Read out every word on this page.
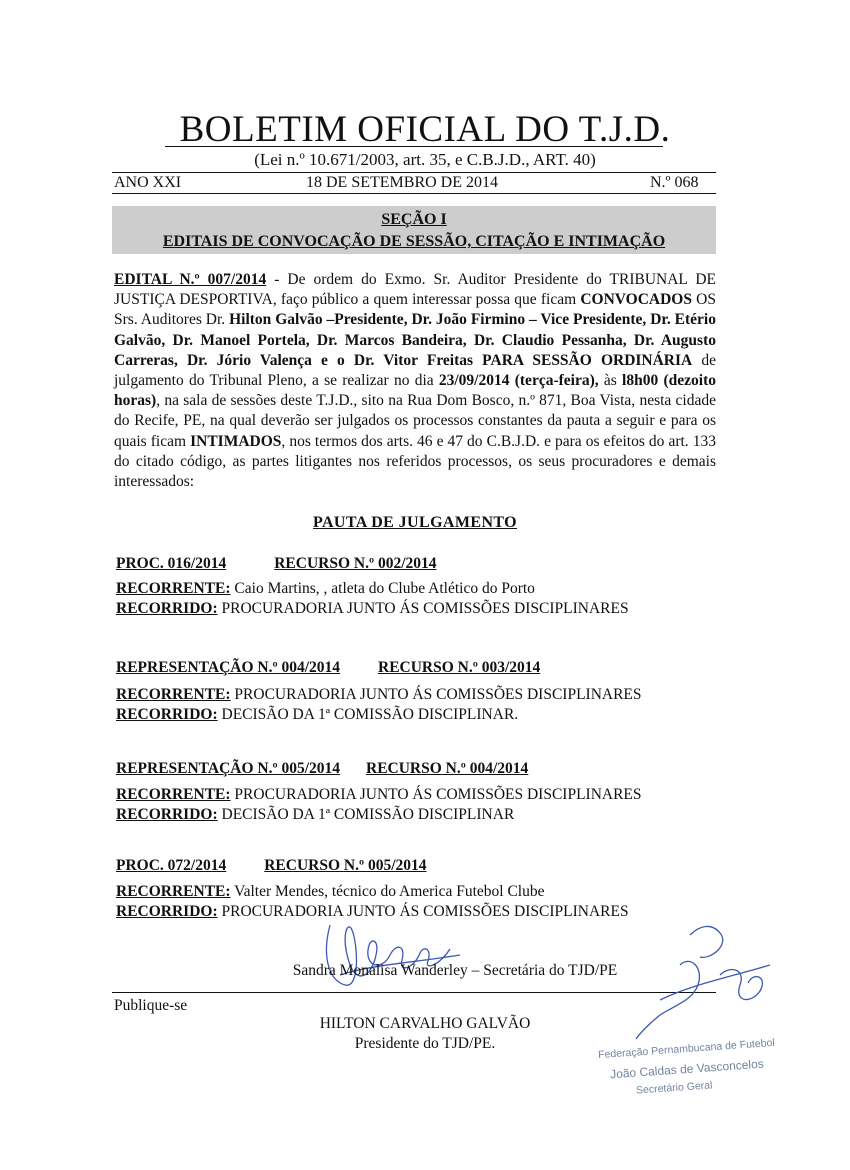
BOLETIM OFICIAL DO T.J.D.
(Lei n.º 10.671/2003, art. 35, e C.B.J.D., ART. 40)
ANO XXI	18 DE SETEMBRO DE 2014	N.º 068
SEÇÃO I
EDITAIS DE CONVOCAÇÃO DE SESSÃO, CITAÇÃO E INTIMAÇÃO
EDITAL N.º 007/2014 - De ordem do Exmo. Sr. Auditor Presidente do TRIBUNAL DE JUSTIÇA DESPORTIVA, faço público a quem interessar possa que ficam CONVOCADOS OS Srs. Auditores Dr. Hilton Galvão –Presidente, Dr. João Firmino – Vice Presidente, Dr. Etério Galvão, Dr. Manoel Portela, Dr. Marcos Bandeira, Dr. Claudio Pessanha, Dr. Augusto Carreras, Dr. Jório Valença e o Dr. Vitor Freitas PARA SESSÃO ORDINÁRIA de julgamento do Tribunal Pleno, a se realizar no dia 23/09/2014 (terça-feira), às l8h00 (dezoito horas), na sala de sessões deste T.J.D., sito na Rua Dom Bosco, n.º 871, Boa Vista, nesta cidade do Recife, PE, na qual deverão ser julgados os processos constantes da pauta a seguir e para os quais ficam INTIMADOS, nos termos dos arts. 46 e 47 do C.B.J.D. e para os efeitos do art. 133 do citado código, as partes litigantes nos referidos processos, os seus procuradores e demais interessados:
PAUTA DE JULGAMENTO
PROC. 016/2014	RECURSO N.º 002/2014
RECORRENTE: Caio Martins, , atleta do Clube Atlético do Porto
RECORRIDO: PROCURADORIA JUNTO ÁS COMISSÕES DISCIPLINARES
REPRESENTAÇÃO N.º 004/2014 RECURSO N.º 003/2014
RECORRENTE: PROCURADORIA JUNTO ÁS COMISSÕES DISCIPLINARES
RECORRIDO: DECISÃO DA 1ª COMISSÃO DISCIPLINAR.
REPRESENTAÇÃO N.º 005/2014 RECURSO N.º 004/2014
RECORRENTE: PROCURADORIA JUNTO ÁS COMISSÕES DISCIPLINARES
RECORRIDO: DECISÃO DA 1ª COMISSÃO DISCIPLINAR
PROC. 072/2014 RECURSO N.º 005/2014
RECORRENTE: Valter Mendes, técnico do America Futebol Clube
RECORRIDO: PROCURADORIA JUNTO ÁS COMISSÕES DISCIPLINARES
Sandra Monalisa Wanderley – Secretária do TJD/PE
Publique-se
HILTON CARVALHO GALVÃO
Presidente do TJD/PE.	Federação Pernambucana de Futebol
João Caldas de Vasconcelos
Secretário Geral
